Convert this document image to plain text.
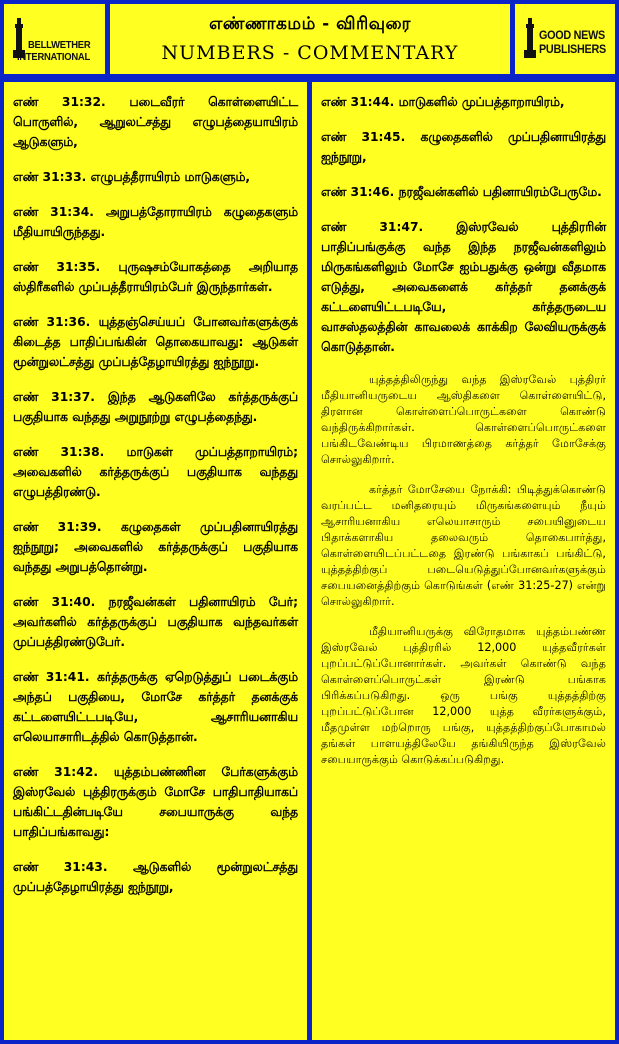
BELLWETHER
INTERNATIONAL
எண்ணாகமம் - விரிவுரை
NUMBERS - COMMENTARY
GOOD NEWS
PUBLISHERS

எண் 31:32. படைவீரர் கொள்ளையிட்ட பொருளில், ஆறுலட்சத்து எழுபத்தையாயிரம் ஆடுகளும்,

எண் 31:33. எழுபத்தீராயிரம் மாடுகளும்,

எண் 31:34. அறுபத்தோராயிரம் கழுதைகளும் மீதியாயிருந்தது.

எண் 31:35. புருஷசம்யோகத்தை அறியாத ஸ்திரீகளில் முப்பத்தீராயிரம்பேர் இருந்தார்கள்.

எண் 31:36. யுத்தஞ்செய்யப் போனவர்களுக்குக் கிடைத்த பாதிப்பங்கின் தொகையாவது: ஆடுகள் மூன்றுலட்சத்து முப்பத்தேழாயிரத்து ஐந்நூறு.

எண் 31:37. இந்த ஆடுகளிலே கர்த்தருக்குப் பகுதியாக வந்தது அறுநூற்று எழுபத்தைந்து.

எண் 31:38. மாடுகள் முப்பத்தாறாயிரம்; அவைகளில் கர்த்தருக்குப் பகுதியாக வந்தது எழுபத்திரண்டு.

எண் 31:39. கழுதைகள் முப்பதினாயிரத்து ஐந்நூறு; அவைகளில் கர்த்தருக்குப் பகுதியாக வந்தது அறுபத்தொன்று.

எண் 31:40. நரஜீவன்கள் பதினாயிரம் பேர்; அவர்களில் கர்த்தருக்குப் பகுதியாக வந்தவர்கள் முப்பத்திரண்டுபேர்.

எண் 31:41. கர்த்தருக்கு ஏறெடுத்துப் படைக்கும் அந்தப் பகுதியை, மோசே கர்த்தர் தனக்குக் கட்டளையிட்டபடியே, ஆசாரியனாகிய எலெயாசாரிடத்தில் கொடுத்தான்.

எண் 31:42. யுத்தம்பண்ணின பேர்களுக்கும் இஸ்ரவேல் புத்திரருக்கும் மோசே பாதிபாதியாகப் பங்கிட்டதின்படியே சபையாருக்கு வந்த பாதிப்பங்காவது:

எண் 31:43. ஆடுகளில் மூன்றுலட்சத்து முப்பத்தேழாயிரத்து ஐந்நூறு,

எண் 31:44. மாடுகளில் முப்பத்தாறாயிரம்,

எண் 31:45. கழுதைகளில் முப்பதினாயிரத்து ஐந்நூறு,

எண் 31:46. நரஜீவன்களில் பதினாயிரம்பேருமே.

எண் 31:47. இஸ்ரவேல் புத்திரரின் பாதிப்பங்குக்கு வந்த இந்த நரஜீவன்களிலும் மிருகங்களிலும் மோசே ஐம்பதுக்கு ஒன்று வீதமாக எடுத்து, அவைகளைக் கர்த்தர் தனக்குக் கட்டளையிட்டபடியே, கர்த்தருடைய வாசஸ்தலத்தின் காவலைக் காக்கிற லேவியருக்குக் கொடுத்தான்.

யுத்தத்திலிருந்து வந்த இஸ்ரவேல் புத்திரர் மீதியானியருடைய ஆஸ்திகளை கொள்ளையிட்டு, திரளான கொள்ளைப்பொருட்களை கொண்டு வந்திருக்கிறார்கள். கொள்ளைப்பொருட்களை பங்கிடவேண்டிய பிரமாணத்தை கர்த்தர் மோசேக்கு சொல்லுகிறார்.

கர்த்தர் மோசேயை நோக்கி: பிடித்துக்கொண்டு வரப்பட்ட மனிதரையும் மிருகங்களையும் நீயும் ஆசாரியனாகிய எலெயாசாரும் சபையினுடைய பிதாக்களாகிய தலைவரும் தொகைபார்த்து, கொள்ளையிடப்பட்டதை இரண்டு பங்காகப் பங்கிட்டு, யுத்தத்திற்குப் படையெடுத்துப்போனவர்களுக்கும் சபையனைத்திற்கும் கொடுங்கள் (எண் 31:25-27) என்று சொல்லுகிறார்.

மீதியானியருக்கு விரோதமாக யுத்தம்பண்ண இஸ்ரவேல் புத்திரரில் 12,000 யுத்தவீரர்கள் புறப்பட்டுப்போனார்கள். அவர்கள் கொண்டு வந்த கொள்ளைப்பொருட்கள் இரண்டு பங்காக பிரிக்கப்படுகிறது. ஒரு பங்கு யுத்தத்திற்கு புறப்பட்டுப்போன 12,000 யுத்த வீரர்களுக்கும், மீதமுள்ள மற்றொரு பங்கு, யுத்தத்திற்குப்போகாமல் தங்கள் பாளயத்திலேயே தங்கியிருந்த இஸ்ரவேல் சபையாருக்கும் கொடுக்கப்படுகிறது.
